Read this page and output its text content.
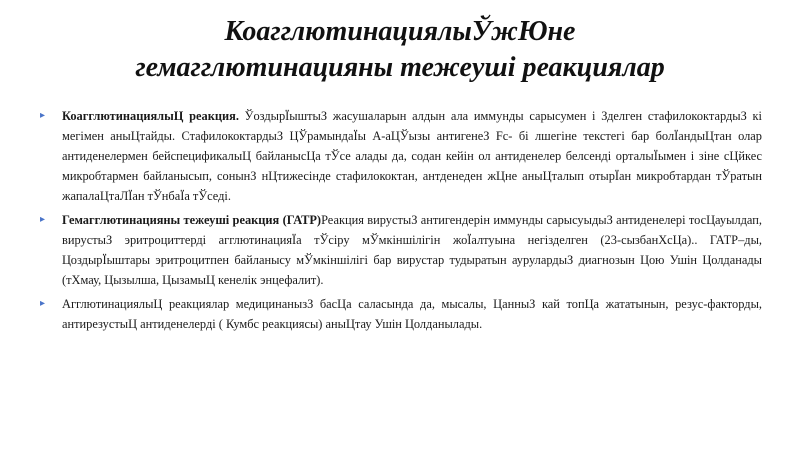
КоагглютинациялыЎжЮне
гемагглютинацияны тежеуші реакциялар

▸ КоагглютинациялыЦ реакция. ЎоздырЇыштыЗ жасушаларын алдын ала иммунды сарысумен і Зделген стафилококтардыЗ кі мегімен аныЦтайды. СтафилококтардыЗ ЦЎрамындаЇы А-аЦЎызы антигенеЗ Fc- бі лшегіне текстегі бар болЇандыЦтан олар антиденелермен бейспецификалыЦ байланысЦа тЎсе алады да, содан кейін ол антиденелер белсенді орталыЇымен і зіне сЦйкес микробтармен байланысып, сонынЗ нЦтижесінде стафилококтан, антденеден жЦне аныЦталып отырЇан микробтардан тЎратын жапалаЦтаЛЇан тЎнбаЇа тЎседі.

▸ Гемагглютинацияны тежеуші реакция (ГАТР)Реакция вирустыЗ антигендерін иммунды сарысуыдыЗ антиденелері тосЦауылдап, вирустыЗ эритроциттерді агглютинацияЇа тЎсіру мЎмкіншілігін жоЇалтуына негізделген (23-сызбанХсЦа).. ГАТР–ды, ЦоздырЇыштары эритроцитпен байланысу мЎмкіншілігі бар вирустар тудыратын аурулардыЗ диагнозын Цою Ушін Цолданады (тХмау, Цызылша, ЦызамыЦ кенелік энцефалит).

▸ АгглютинациялыЦ реакциялар медицинанызЗ басЦа саласында да, мысалы, ЦанныЗ кай топЦа жататынын, резус-факторды, антирезустыЦ антиденелерді ( Кумбс реакциясы) аныЦтау Ушін Цолданылады.
